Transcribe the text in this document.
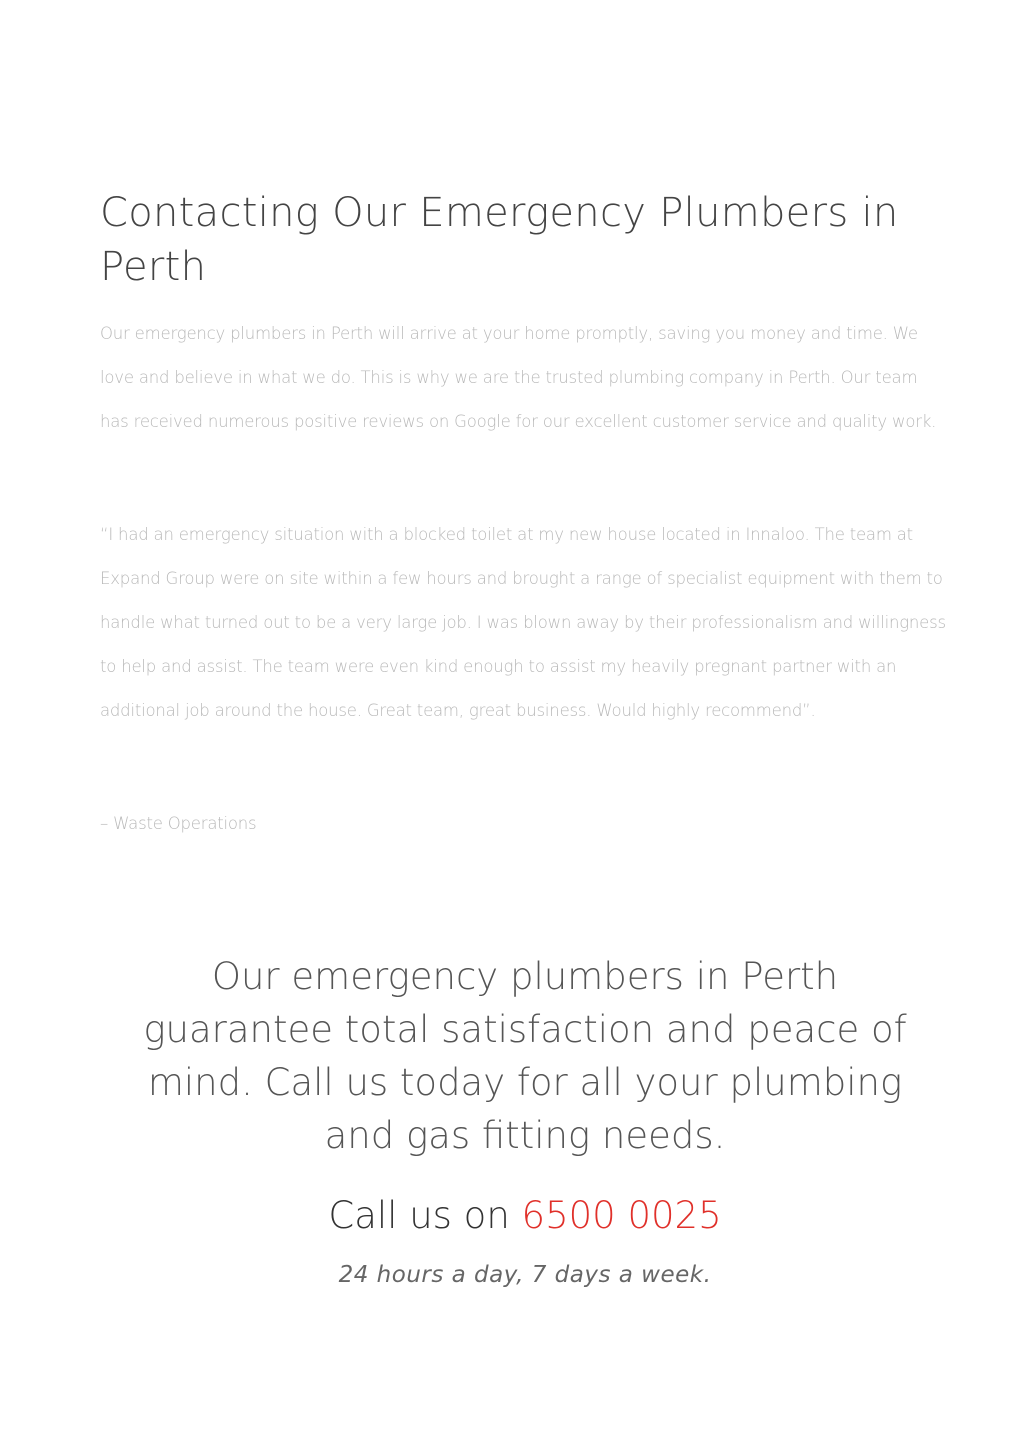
Contacting Our Emergency Plumbers in Perth

Our emergency plumbers in Perth will arrive at your home promptly, saving you money and time. We love and believe in what we do. This is why we are the trusted plumbing company in Perth. Our team has received numerous positive reviews on Google for our excellent customer service and quality work.

“I had an emergency situation with a blocked toilet at my new house located in Innaloo. The team at Expand Group were on site within a few hours and brought a range of specialist equipment with them to handle what turned out to be a very large job. I was blown away by their professionalism and willingness to help and assist. The team were even kind enough to assist my heavily pregnant partner with an additional job around the house. Great team, great business. Would highly recommend”.

– Waste Operations

Our emergency plumbers in Perth guarantee total satisfaction and peace of mind. Call us today for all your plumbing and gas fitting needs.

Call us on 6500 0025
24 hours a day, 7 days a week.
